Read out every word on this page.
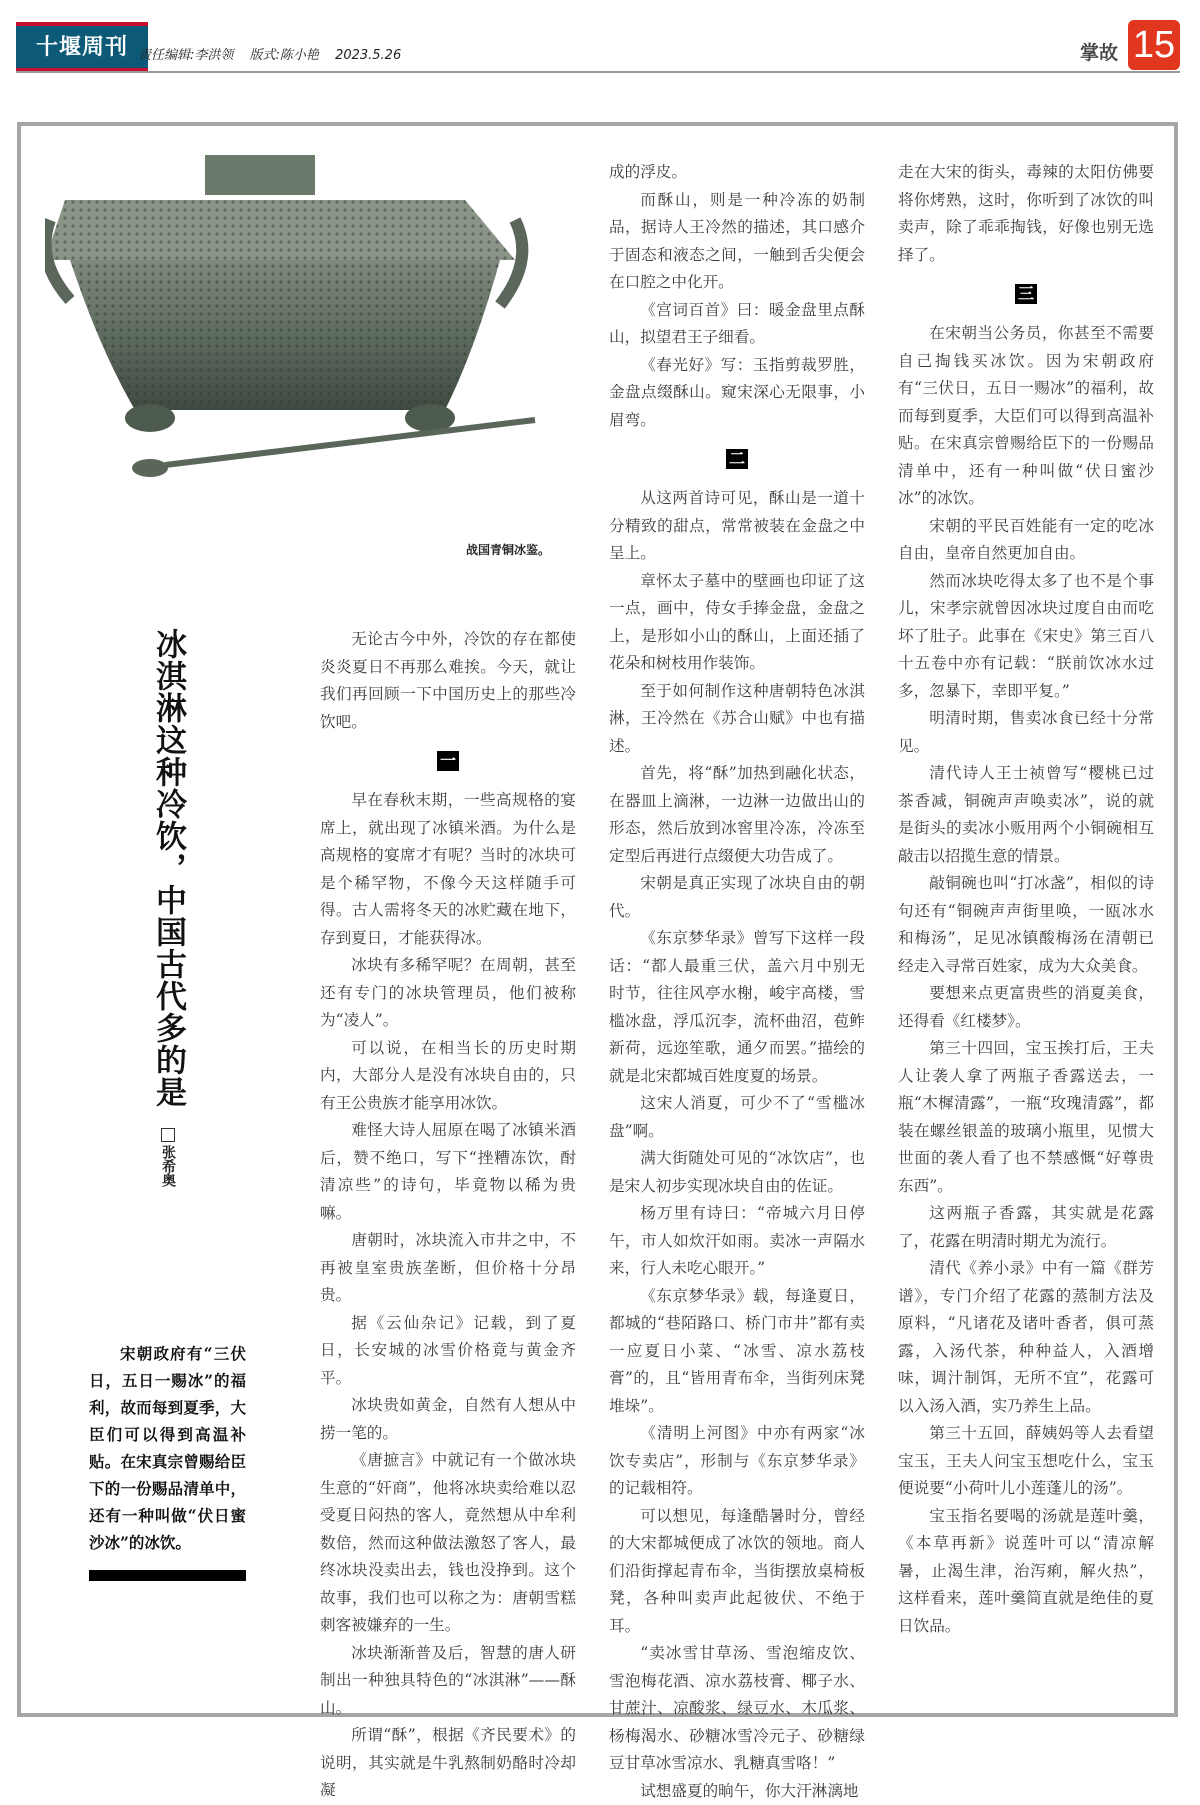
十堰周刊 责任编辑:李洪领 版式:陈小艳 2023.5.26	掌故 15
战国青铜冰鉴。
冰淇淋这种冷饮，中国古代多的是
张希奥
宋朝政府有“三伏日，五日一赐冰”的福利，故而每到夏季，大臣们可以得到高温补贴。在宋真宗曾赐给臣下的一份赐品清单中，还有一种叫做“伏日蜜沙冰”的冰饮。

无论古今中外，冷饮的存在都使炎炎夏日不再那么难挨。今天，就让我们再回顾一下中国历史上的那些冷饮吧。

一

早在春秋末期，一些高规格的宴席上，就出现了冰镇米酒。为什么是高规格的宴席才有呢？当时的冰块可是个稀罕物，不像今天这样随手可得。古人需将冬天的冰贮藏在地下，存到夏日，才能获得冰。

冰块有多稀罕呢？在周朝，甚至还有专门的冰块管理员，他们被称为“凌人”。

可以说，在相当长的历史时期内，大部分人是没有冰块自由的，只有王公贵族才能享用冰饮。

难怪大诗人屈原在喝了冰镇米酒后，赞不绝口，写下“挫糟冻饮，酎清凉些”的诗句，毕竟物以稀为贵嘛。

唐朝时，冰块流入市井之中，不再被皇室贵族垄断，但价格十分昂贵。

据《云仙杂记》记载，到了夏日，长安城的冰雪价格竟与黄金齐平。

冰块贵如黄金，自然有人想从中捞一笔的。

《唐摭言》中就记有一个做冰块生意的“奸商”，他将冰块卖给难以忍受夏日闷热的客人，竟然想从中牟利数倍，然而这种做法激怒了客人，最终冰块没卖出去，钱也没挣到。这个故事，我们也可以称之为：唐朝雪糕刺客被嫌弃的一生。

冰块渐渐普及后，智慧的唐人研制出一种独具特色的“冰淇淋”——酥山。

所谓“酥”，根据《齐民要术》的说明，其实就是牛乳熬制奶酪时冷却凝

成的浮皮。

而酥山，则是一种冷冻的奶制品，据诗人王冷然的描述，其口感介于固态和液态之间，一触到舌尖便会在口腔之中化开。

《宫词百首》曰：暖金盘里点酥山，拟望君王子细看。

《春光好》写：玉指剪裁罗胜，金盘点缀酥山。窥宋深心无限事，小眉弯。

二

从这两首诗可见，酥山是一道十分精致的甜点，常常被装在金盘之中呈上。

章怀太子墓中的壁画也印证了这一点，画中，侍女手捧金盘，金盘之上，是形如小山的酥山，上面还插了花朵和树枝用作装饰。

至于如何制作这种唐朝特色冰淇淋，王冷然在《苏合山赋》中也有描述。

首先，将“酥”加热到融化状态，在器皿上滴淋，一边淋一边做出山的形态，然后放到冰窖里冷冻，冷冻至定型后再进行点缀便大功告成了。

宋朝是真正实现了冰块自由的朝代。

《东京梦华录》曾写下这样一段话：“都人最重三伏，盖六月中别无时节，往往风亭水榭，峻宇高楼，雪槛冰盘，浮瓜沉李，流杯曲沼，苞鲊新荷，远迩笙歌，通夕而罢。”描绘的就是北宋都城百姓度夏的场景。

这宋人消夏，可少不了“雪槛冰盘”啊。

满大街随处可见的“冰饮店”，也是宋人初步实现冰块自由的佐证。

杨万里有诗曰：“帝城六月日停午，市人如炊汗如雨。卖冰一声隔水来，行人未吃心眼开。”

《东京梦华录》载，每逢夏日，都城的“巷陌路口、桥门市井”都有卖一应夏日小菜、“冰雪、凉水荔枝膏”的，且“皆用青布伞，当街列床凳堆垛”。

《清明上河图》中亦有两家“冰饮专卖店”，形制与《东京梦华录》的记载相符。

可以想见，每逢酷暑时分，曾经的大宋都城便成了冰饮的领地。商人们沿街撑起青布伞，当街摆放桌椅板凳，各种叫卖声此起彼伏、不绝于耳。

“卖冰雪甘草汤、雪泡缩皮饮、雪泡梅花酒、凉水荔枝膏、椰子水、甘蔗汁、凉酸浆、绿豆水、木瓜浆、杨梅渴水、砂糖冰雪冷元子、砂糖绿豆甘草冰雪凉水、乳糖真雪咯！”

试想盛夏的晌午，你大汗淋漓地

走在大宋的街头，毒辣的太阳仿佛要将你烤熟，这时，你听到了冰饮的叫卖声，除了乖乖掏钱，好像也别无选择了。

三

在宋朝当公务员，你甚至不需要自己掏钱买冰饮。因为宋朝政府有“三伏日，五日一赐冰”的福利，故而每到夏季，大臣们可以得到高温补贴。在宋真宗曾赐给臣下的一份赐品清单中，还有一种叫做“伏日蜜沙冰”的冰饮。

宋朝的平民百姓能有一定的吃冰自由，皇帝自然更加自由。

然而冰块吃得太多了也不是个事儿，宋孝宗就曾因冰块过度自由而吃坏了肚子。此事在《宋史》第三百八十五卷中亦有记载：“朕前饮冰水过多，忽暴下，幸即平复。”

明清时期，售卖冰食已经十分常见。

清代诗人王士祯曾写“樱桃已过茶香减，铜碗声声唤卖冰”，说的就是街头的卖冰小贩用两个小铜碗相互敲击以招揽生意的情景。

敲铜碗也叫“打冰盏”，相似的诗句还有“铜碗声声街里唤，一瓯冰水和梅汤”，足见冰镇酸梅汤在清朝已经走入寻常百姓家，成为大众美食。

要想来点更富贵些的消夏美食，还得看《红楼梦》。

第三十四回，宝玉挨打后，王夫人让袭人拿了两瓶子香露送去，一瓶“木樨清露”，一瓶“玫瑰清露”，都装在螺丝银盖的玻璃小瓶里，见惯大世面的袭人看了也不禁感慨“好尊贵东西”。

这两瓶子香露，其实就是花露了，花露在明清时期尤为流行。

清代《养小录》中有一篇《群芳谱》，专门介绍了花露的蒸制方法及原料，“凡诸花及诸叶香者，俱可蒸露，入汤代茶，种种益人，入酒增味，调汁制饵，无所不宜”，花露可以入汤入酒，实乃养生上品。

第三十五回，薛姨妈等人去看望宝玉，王夫人问宝玉想吃什么，宝玉便说要“小荷叶儿小莲蓬儿的汤”。

宝玉指名要喝的汤就是莲叶羹，《本草再新》说莲叶可以“清凉解暑，止渴生津，治泻痢，解火热”，这样看来，莲叶羹简直就是绝佳的夏日饮品。
